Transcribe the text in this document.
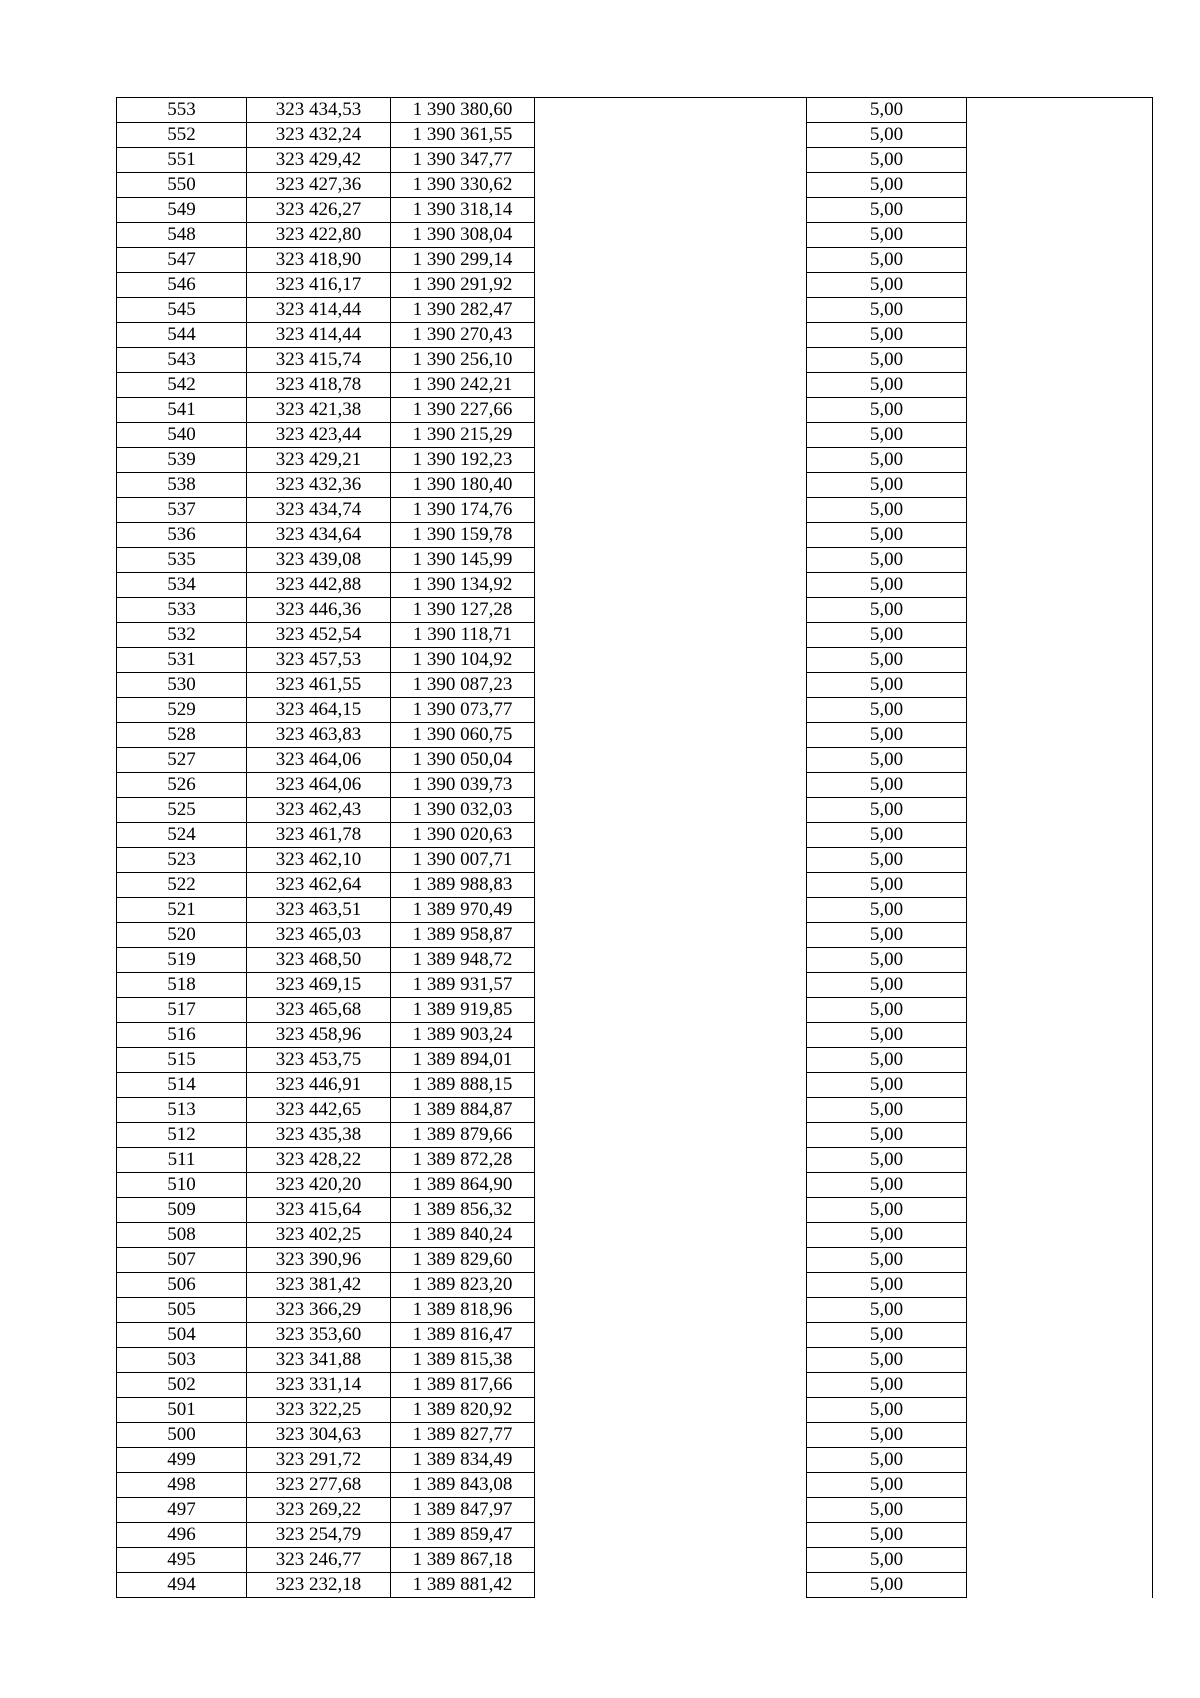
553	323 434,53	1 390 380,60		5,00	
552	323 432,24	1 390 361,55		5,00	
551	323 429,42	1 390 347,77		5,00	
550	323 427,36	1 390 330,62		5,00	
549	323 426,27	1 390 318,14		5,00	
548	323 422,80	1 390 308,04		5,00	
547	323 418,90	1 390 299,14		5,00	
546	323 416,17	1 390 291,92		5,00	
545	323 414,44	1 390 282,47		5,00	
544	323 414,44	1 390 270,43		5,00	
543	323 415,74	1 390 256,10		5,00	
542	323 418,78	1 390 242,21		5,00	
541	323 421,38	1 390 227,66		5,00	
540	323 423,44	1 390 215,29		5,00	
539	323 429,21	1 390 192,23		5,00	
538	323 432,36	1 390 180,40		5,00	
537	323 434,74	1 390 174,76		5,00	
536	323 434,64	1 390 159,78		5,00	
535	323 439,08	1 390 145,99		5,00	
534	323 442,88	1 390 134,92		5,00	
533	323 446,36	1 390 127,28		5,00	
532	323 452,54	1 390 118,71		5,00	
531	323 457,53	1 390 104,92		5,00	
530	323 461,55	1 390 087,23		5,00	
529	323 464,15	1 390 073,77		5,00	
528	323 463,83	1 390 060,75		5,00	
527	323 464,06	1 390 050,04		5,00	
526	323 464,06	1 390 039,73		5,00	
525	323 462,43	1 390 032,03		5,00	
524	323 461,78	1 390 020,63		5,00	
523	323 462,10	1 390 007,71		5,00	
522	323 462,64	1 389 988,83		5,00	
521	323 463,51	1 389 970,49		5,00	
520	323 465,03	1 389 958,87		5,00	
519	323 468,50	1 389 948,72		5,00	
518	323 469,15	1 389 931,57		5,00	
517	323 465,68	1 389 919,85		5,00	
516	323 458,96	1 389 903,24		5,00	
515	323 453,75	1 389 894,01		5,00	
514	323 446,91	1 389 888,15		5,00	
513	323 442,65	1 389 884,87		5,00	
512	323 435,38	1 389 879,66		5,00	
511	323 428,22	1 389 872,28		5,00	
510	323 420,20	1 389 864,90		5,00	
509	323 415,64	1 389 856,32		5,00	
508	323 402,25	1 389 840,24		5,00	
507	323 390,96	1 389 829,60		5,00	
506	323 381,42	1 389 823,20		5,00	
505	323 366,29	1 389 818,96		5,00	
504	323 353,60	1 389 816,47		5,00	
503	323 341,88	1 389 815,38		5,00	
502	323 331,14	1 389 817,66		5,00	
501	323 322,25	1 389 820,92		5,00	
500	323 304,63	1 389 827,77		5,00	
499	323 291,72	1 389 834,49		5,00	
498	323 277,68	1 389 843,08		5,00	
497	323 269,22	1 389 847,97		5,00	
496	323 254,79	1 389 859,47		5,00	
495	323 246,77	1 389 867,18		5,00	
494	323 232,18	1 389 881,42		5,00	
